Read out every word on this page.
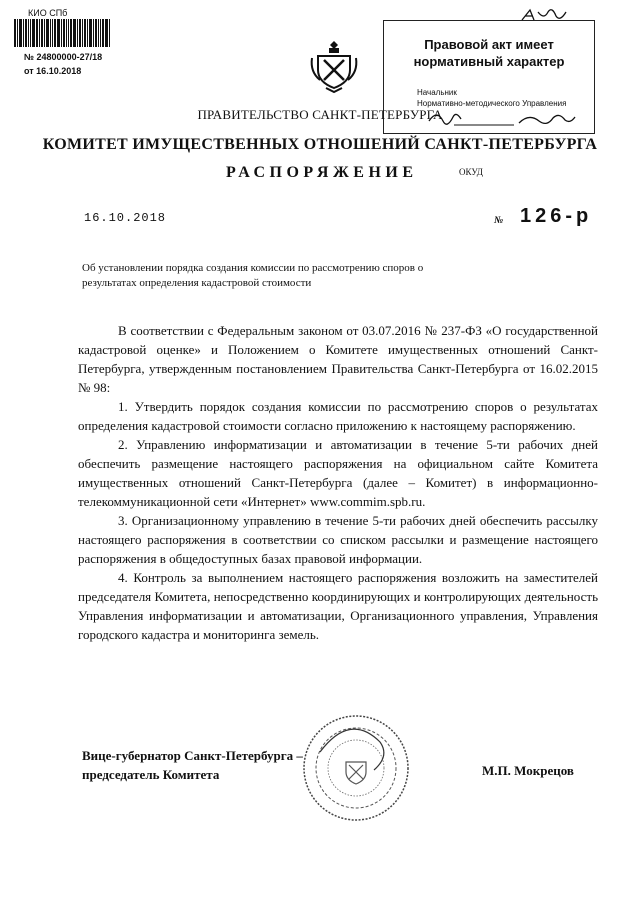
КИО СПб
№ 24800000-27/18
от 16.10.2018
Правовой акт имеет
нормативный характер
Начальник
Нормативно-методического Управления
ПРАВИТЕЛЬСТВО САНКТ-ПЕТЕРБУРГА
КОМИТЕТ ИМУЩЕСТВЕННЫХ ОТНОШЕНИЙ САНКТ-ПЕТЕРБУРГА
РАСПОРЯЖЕНИЕ	ОКУД
16.10.2018	№ 126-р
Об установлении порядка создания комиссии по рассмотрению споров о результатах определения кадастровой стоимости

В соответствии с Федеральным законом от 03.07.2016 № 237-ФЗ «О государственной кадастровой оценке» и Положением о Комитете имущественных отношений Санкт-Петербурга, утвержденным постановлением Правительства Санкт-Петербурга от 16.02.2015 № 98:

1. Утвердить порядок создания комиссии по рассмотрению споров о результатах определения кадастровой стоимости согласно приложению к настоящему распоряжению.

2. Управлению информатизации и автоматизации в течение 5-ти рабочих дней обеспечить размещение настоящего распоряжения на официальном сайте Комитета имущественных отношений Санкт-Петербурга (далее – Комитет) в информационно-телекоммуникационной сети «Интернет» www.commim.spb.ru.

3. Организационному управлению в течение 5-ти рабочих дней обеспечить рассылку настоящего распоряжения в соответствии со списком рассылки и размещение настоящего распоряжения в общедоступных базах правовой информации.

4. Контроль за выполнением настоящего распоряжения возложить на заместителей председателя Комитета, непосредственно координирующих и контролирующих деятельность Управления информатизации и автоматизации, Организационного управления, Управления городского кадастра и мониторинга земель.

Вице-губернатор Санкт-Петербурга –
председатель Комитета	М.П. Мокрецов
